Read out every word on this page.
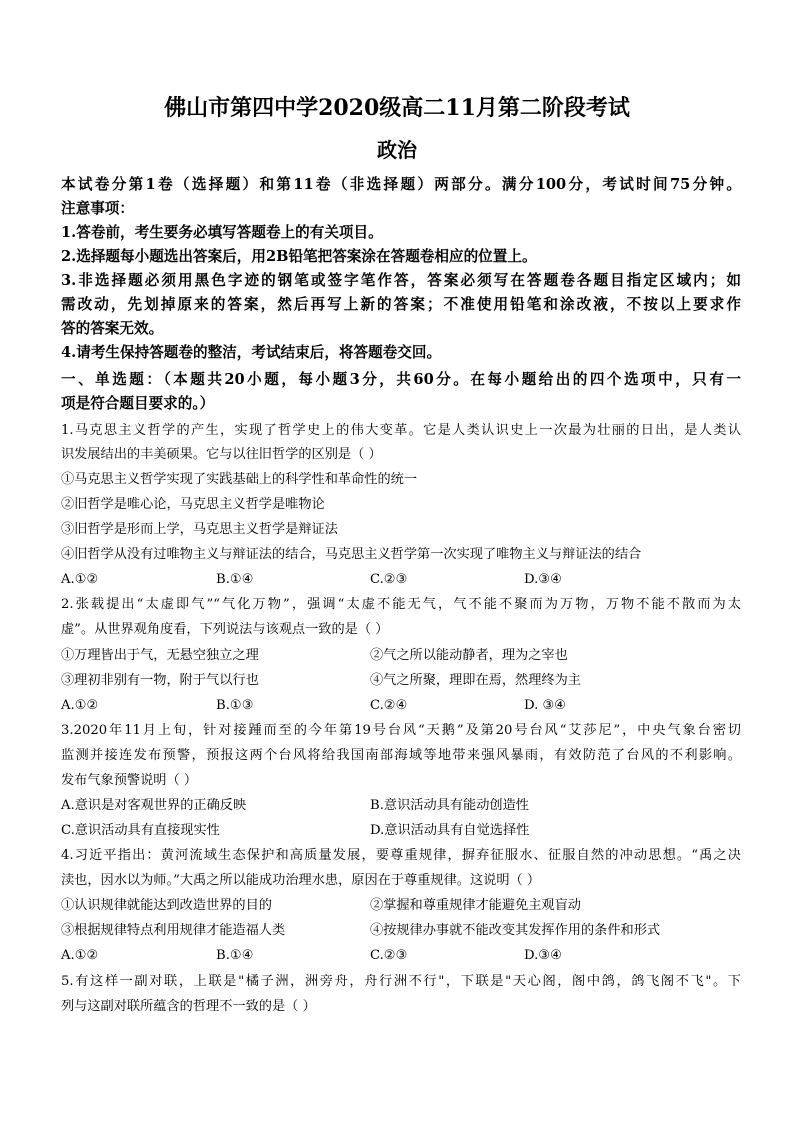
佛山市第四中学2020级高二11月第二阶段考试
政治
本试卷分第1卷（选择题）和第11卷（非选择题）两部分。满分100分，考试时间75分钟。
注意事项：
1.答卷前，考生要务必填写答题卷上的有关项目。
2.选择题每小题选出答案后，用2B铅笔把答案涂在答题卷相应的位置上。
3.非选择题必须用黑色字迹的钢笔或签字笔作答，答案必须写在答题卷各题目指定区域内；如
需改动，先划掉原来的答案，然后再写上新的答案；不准使用铅笔和涂改液，不按以上要求作
答的答案无效。
4.请考生保持答题卷的整洁，考试结束后，将答题卷交回。
一、单选题：（本题共20小题，每小题3分，共60分。在每小题给出的四个选项中，只有一
项是符合题目要求的。）
1.马克思主义哲学的产生，实现了哲学史上的伟大变革。它是人类认识史上一次最为壮丽的日出，是人类认
识发展结出的丰美硕果。它与以往旧哲学的区别是（ ）
①马克思主义哲学实现了实践基础上的科学性和革命性的统一
②旧哲学是唯心论，马克思主义哲学是唯物论
③旧哲学是形而上学，马克思主义哲学是辩证法
④旧哲学从没有过唯物主义与辩证法的结合，马克思主义哲学第一次实现了唯物主义与辩证法的结合
A.①②	B.①④	C.②③	D.③④
2.张载提出“太虚即气”“气化万物”，强调“太虚不能无气，气不能不聚而为万物，万物不能不散而为太
虚”。从世界观角度看，下列说法与该观点一致的是（ ）
①万理皆出于气，无悬空独立之理	②气之所以能动静者，理为之宰也
③理初非别有一物，附于气以行也	④气之所聚，理即在焉，然理终为主
A.①②	B.①③	C.②④	D. ③④
3.2020年11月上旬，针对接踵而至的今年第19号台风“天鹅”及第20号台风“艾莎尼”，中央气象台密切
监测并接连发布预警，预报这两个台风将给我国南部海域等地带来强风暴雨，有效防范了台风的不利影响。
发布气象预警说明（ ）
A.意识是对客观世界的正确反映	B.意识活动具有能动创造性
C.意识活动具有直接现实性	D.意识活动具有自觉选择性
4.习近平指出：黄河流域生态保护和高质量发展，要尊重规律，摒弃征服水、征服自然的冲动思想。“禹之决
渎也，因水以为师。”大禹之所以能成功治理水患，原因在于尊重规律。这说明（ ）
①认识规律就能达到改造世界的目的	②掌握和尊重规律才能避免主观盲动
③根据规律特点利用规律才能造福人类	④按规律办事就不能改变其发挥作用的条件和形式
A.①②	B.①④	C.②③	D.③④
5.有这样一副对联，上联是"橘子洲，洲旁舟，舟行洲不行"，下联是"天心阁，阁中鸽，鸽飞阁不飞"。下
列与这副对联所蕴含的哲理不一致的是（ ）
